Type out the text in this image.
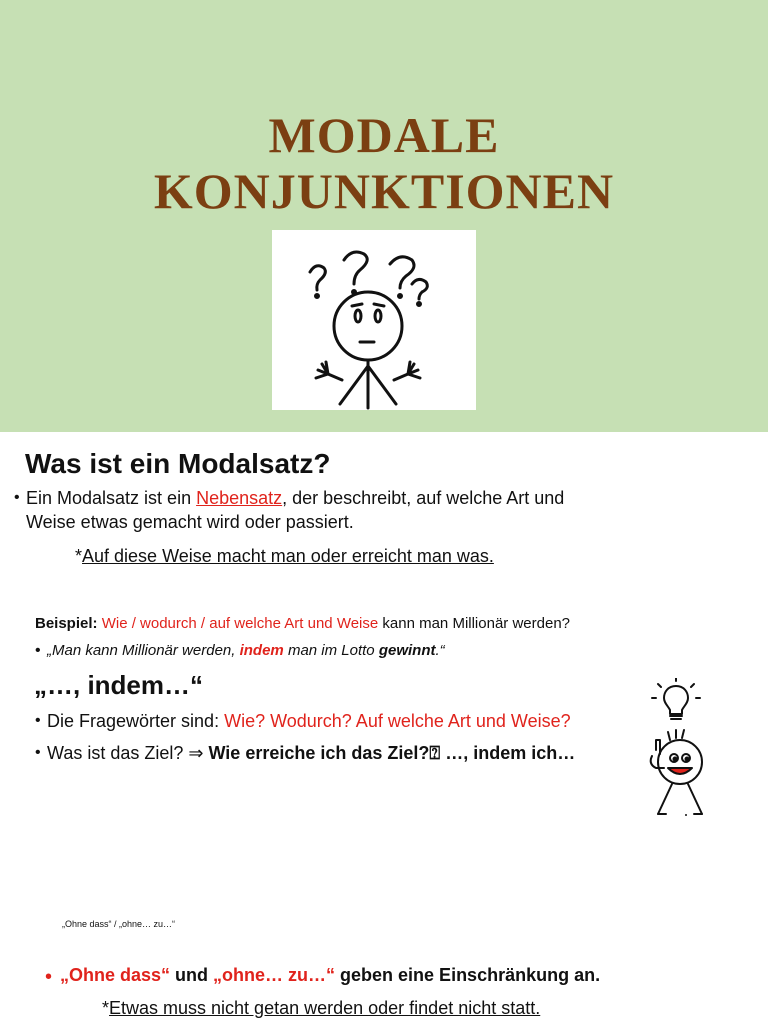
MODALE
KONJUNKTIONEN
Was ist ein Modalsatz?
• Ein Modalsatz ist ein Nebensatz, der beschreibt, auf welche Art und
Weise etwas gemacht wird oder passiert.
*Auf diese Weise macht man oder erreicht man was.
Beispiel: Wie / wodurch / auf welche Art und Weise kann man Millionär werden?
• „Man kann Millionär werden, indem man im Lotto gewinnt.“
„…, indem…“
• Die Fragewörter sind: Wie? Wodurch? Auf welche Art und Weise?
• Was ist das Ziel? ⇒ Wie erreiche ich das Ziel?⍰ …, indem ich…
„Ohne dass“ / „ohne… zu…“
• „Ohne dass“ und „ohne… zu…“ geben eine Einschränkung an.
*Etwas muss nicht getan werden oder findet nicht statt.
